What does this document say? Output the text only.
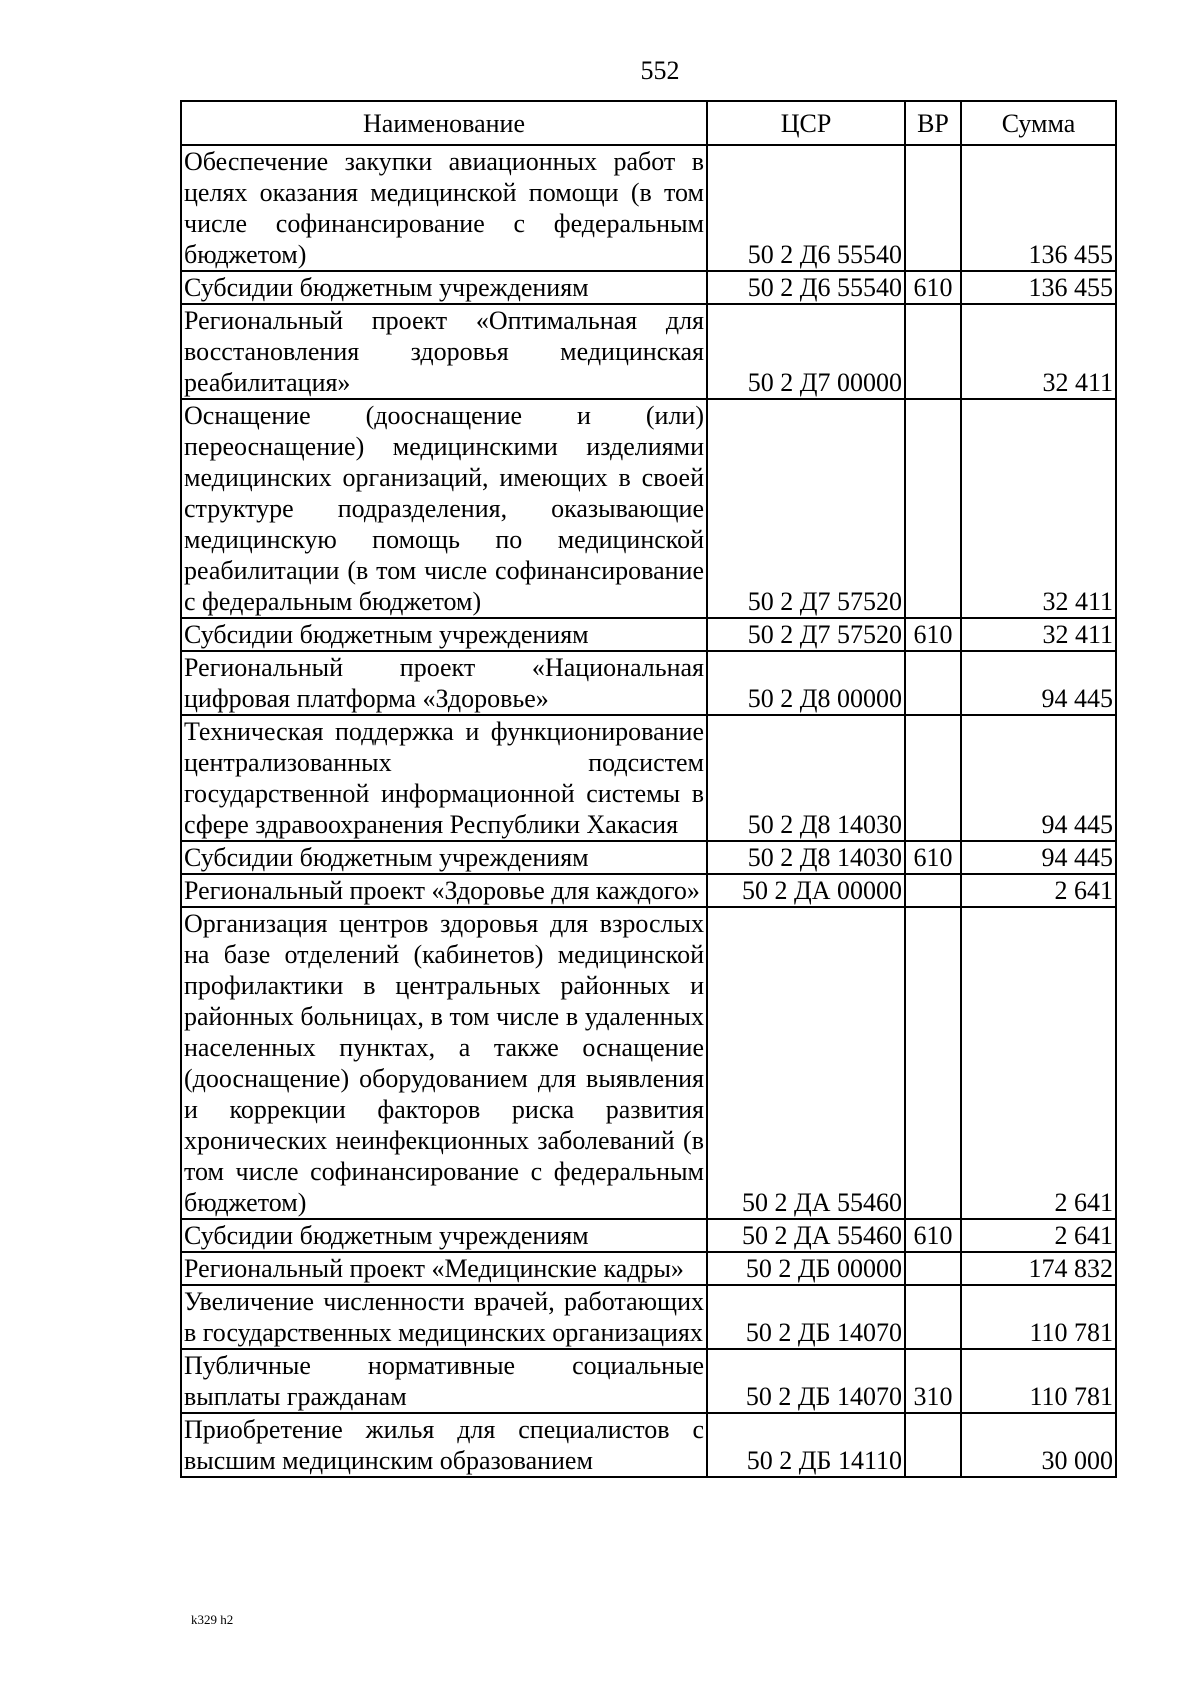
552
Наименование	ЦСР	ВР	Сумма
Обеспечение закупки авиационных работ в целях оказания медицинской помощи (в том числе софинансирование с федеральным бюджетом)	50 2 Д6 55540		136 455
Субсидии бюджетным учреждениям	50 2 Д6 55540	610	136 455
Региональный проект «Оптимальная для восстановления здоровья медицинская реабилитация»	50 2 Д7 00000		32 411
Оснащение (дооснащение и (или) переоснащение) медицинскими изделиями медицинских организаций, имеющих в своей структуре подразделения, оказывающие медицинскую помощь по медицинской реабилитации (в том числе софинансирование с федеральным бюджетом)	50 2 Д7 57520		32 411
Субсидии бюджетным учреждениям	50 2 Д7 57520	610	32 411
Региональный проект «Национальная цифровая платформа «Здоровье»	50 2 Д8 00000		94 445
Техническая поддержка и функционирование централизованных подсистем государственной информационной системы в сфере здравоохранения Республики Хакасия	50 2 Д8 14030		94 445
Субсидии бюджетным учреждениям	50 2 Д8 14030	610	94 445
Региональный проект «Здоровье для каждого»	50 2 ДА 00000		2 641
Организация центров здоровья для взрослых на базе отделений (кабинетов) медицинской профилактики в центральных районных и районных больницах, в том числе в удаленных населенных пунктах, а также оснащение (дооснащение) оборудованием для выявления и коррекции факторов риска развития хронических неинфекционных заболеваний (в том числе софинансирование с федеральным бюджетом)	50 2 ДА 55460		2 641
Субсидии бюджетным учреждениям	50 2 ДА 55460	610	2 641
Региональный проект «Медицинские кадры»	50 2 ДБ 00000		174 832
Увеличение численности врачей, работающих в государственных медицинских организациях	50 2 ДБ 14070		110 781
Публичные нормативные социальные выплаты гражданам	50 2 ДБ 14070	310	110 781
Приобретение жилья для специалистов с высшим медицинским образованием	50 2 ДБ 14110		30 000
k329 h2
